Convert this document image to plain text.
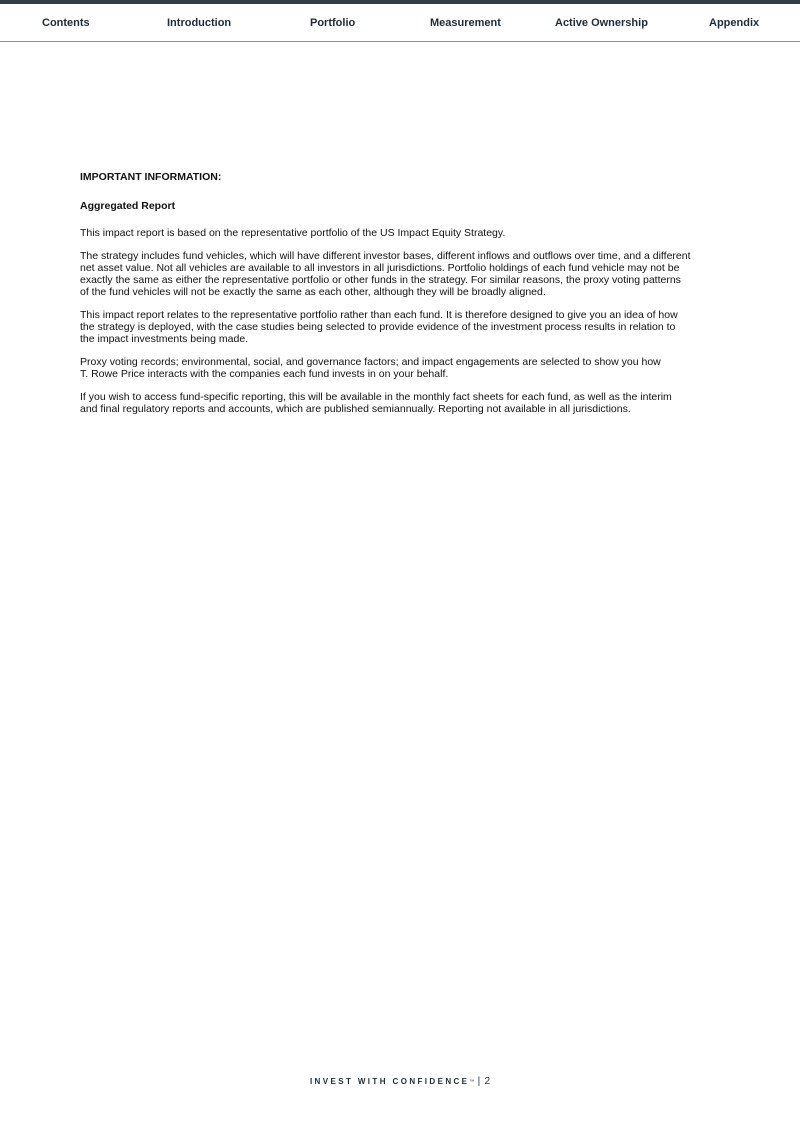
Contents	Introduction	Portfolio	Measurement	Active Ownership	Appendix
IMPORTANT INFORMATION:
Aggregated Report

This impact report is based on the representative portfolio of the US Impact Equity Strategy.

The strategy includes fund vehicles, which will have different investor bases, different inflows and outflows over time, and a different
net asset value. Not all vehicles are available to all investors in all jurisdictions. Portfolio holdings of each fund vehicle may not be
exactly the same as either the representative portfolio or other funds in the strategy. For similar reasons, the proxy voting patterns
of the fund vehicles will not be exactly the same as each other, although they will be broadly aligned.

This impact report relates to the representative portfolio rather than each fund. It is therefore designed to give you an idea of how
the strategy is deployed, with the case studies being selected to provide evidence of the investment process results in relation to
the impact investments being made.

Proxy voting records; environmental, social, and governance factors; and impact engagements are selected to show you how
T. Rowe Price interacts with the companies each fund invests in on your behalf.

If you wish to access fund-specific reporting, this will be available in the monthly fact sheets for each fund, as well as the interim
and final regulatory reports and accounts, which are published semiannually. Reporting not available in all jurisdictions.

INVEST WITH CONFIDENCE™ | 2
